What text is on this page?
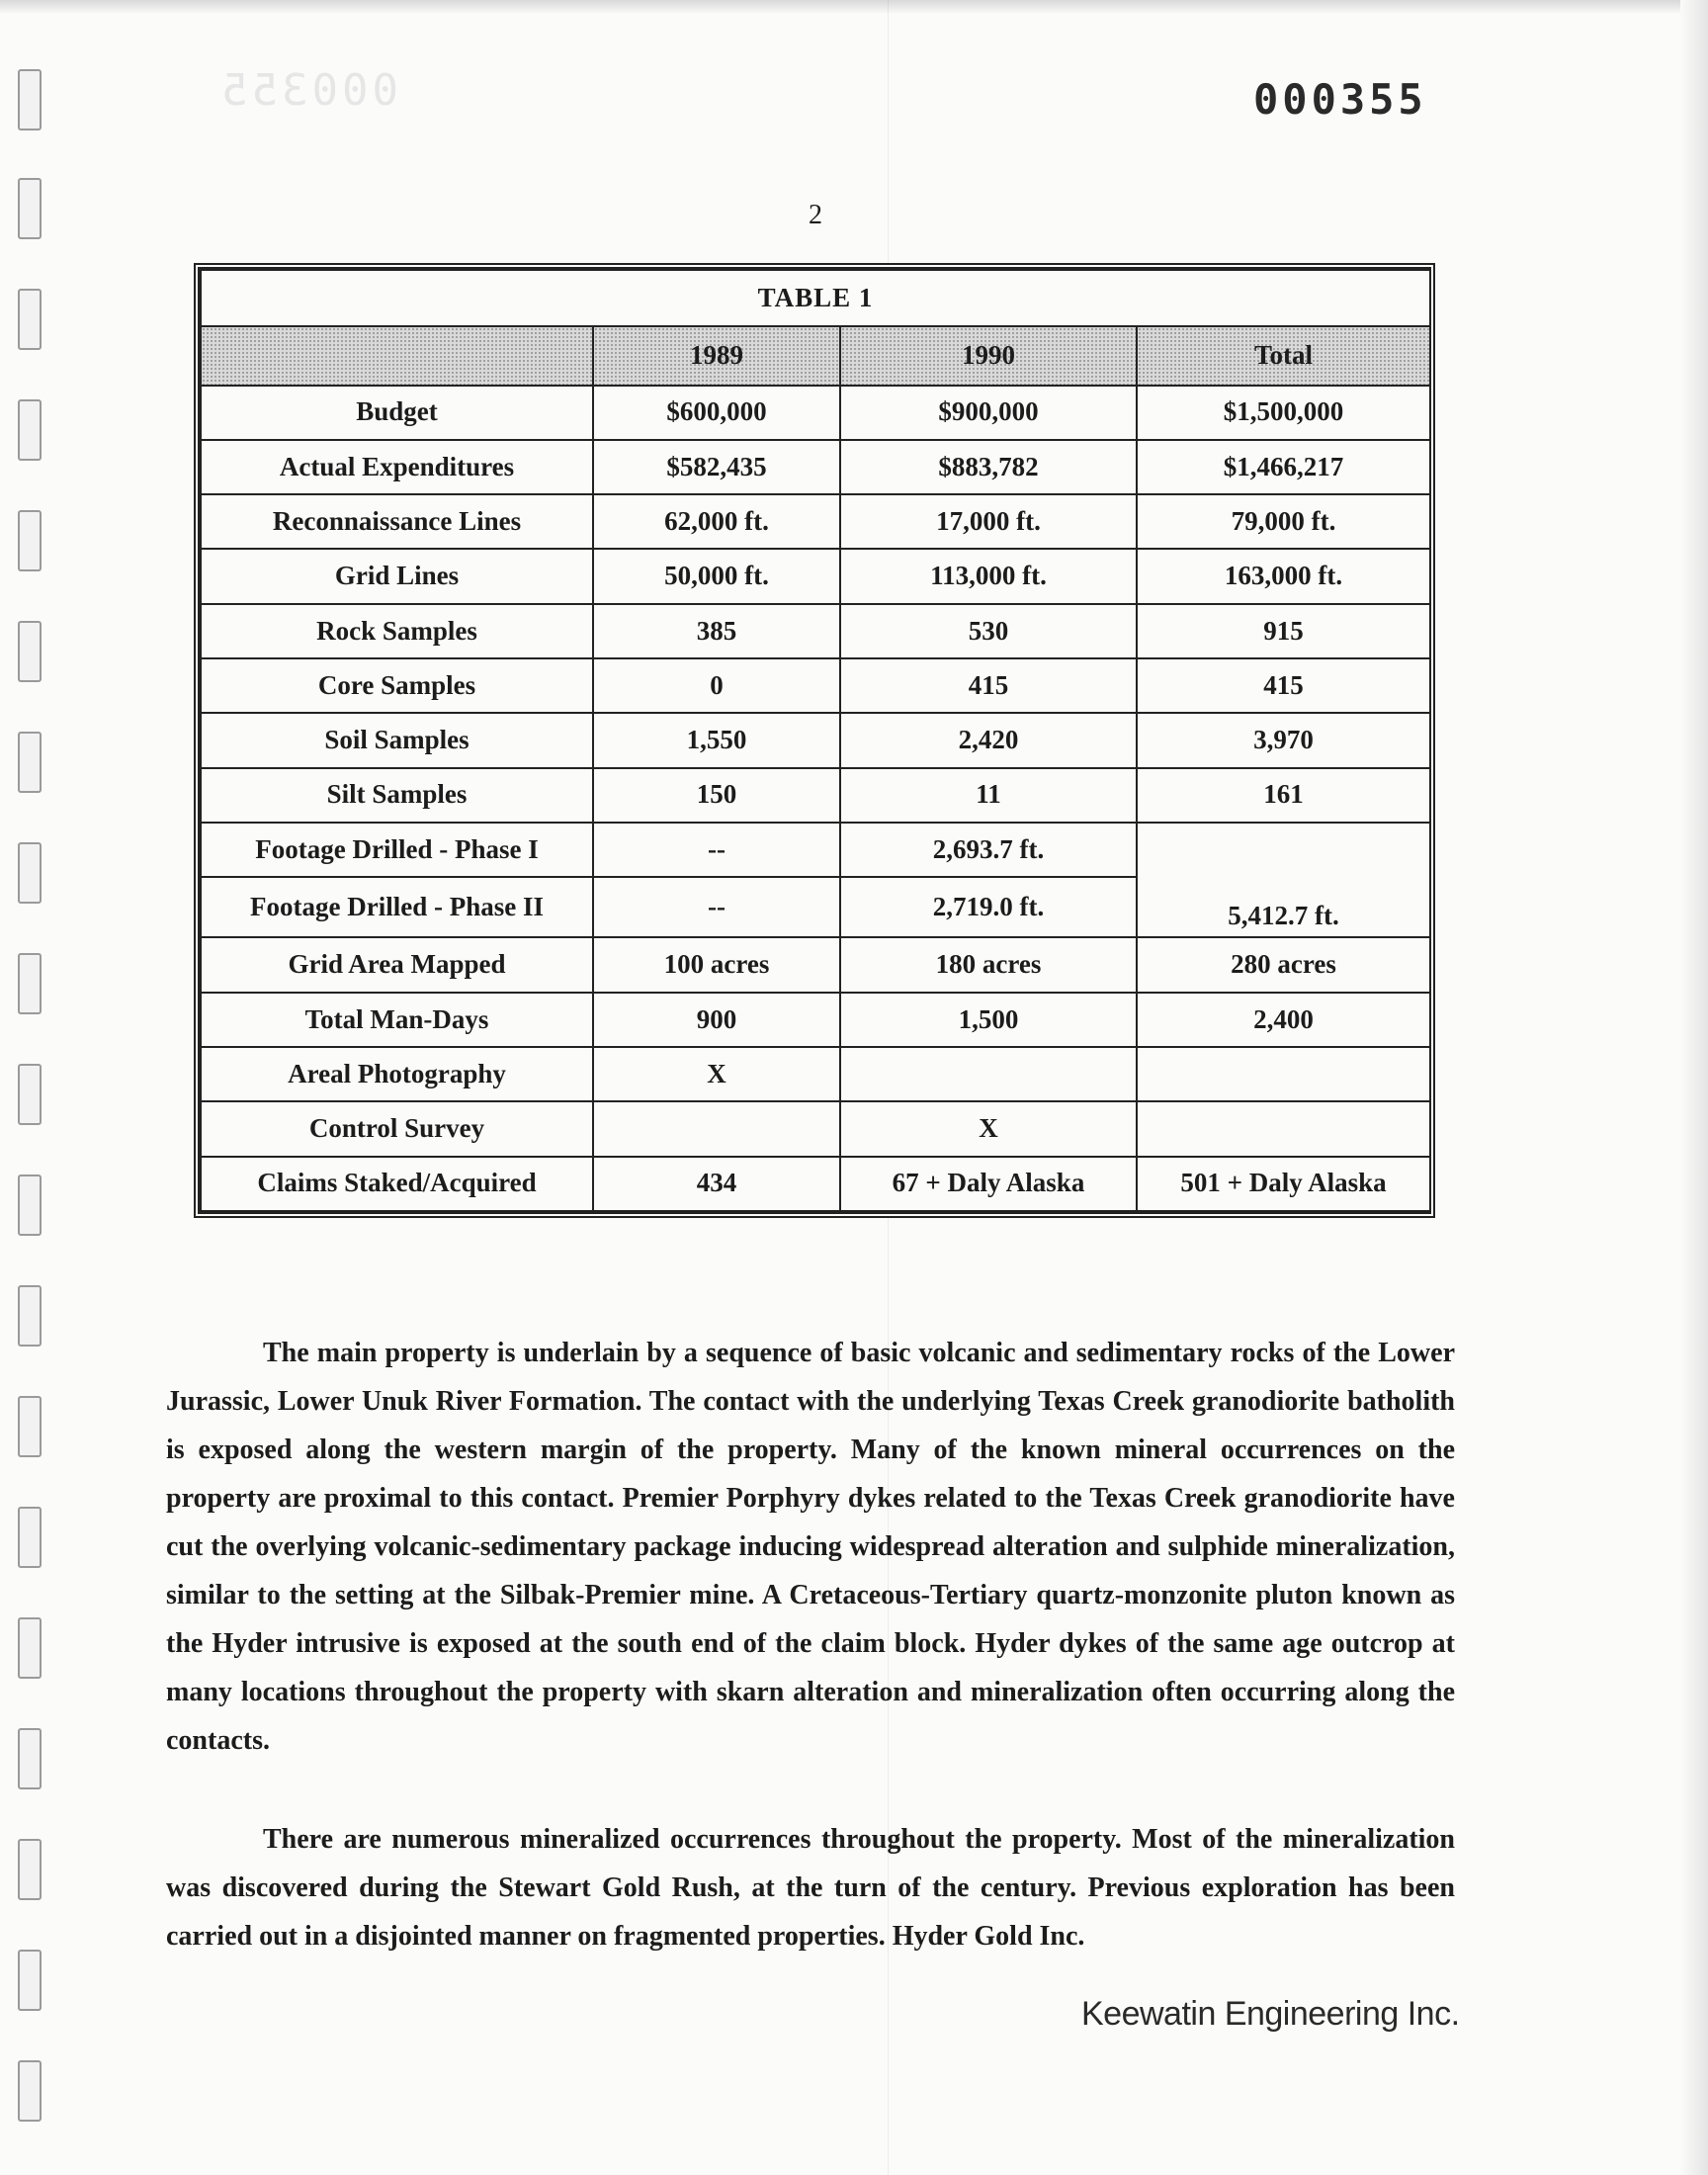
000355	000355
2
TABLE 1			
	1989	1990	Total
Budget	$600,000	$900,000	$1,500,000
Actual Expenditures	$582,435	$883,782	$1,466,217
Reconnaissance Lines	62,000 ft.	17,000 ft.	79,000 ft.
Grid Lines	50,000 ft.	113,000 ft.	163,000 ft.
Rock Samples	385	530	915
Core Samples	0	415	415
Soil Samples	1,550	2,420	3,970
Silt Samples	150	11	161
Footage Drilled - Phase I	--	2,693.7 ft.	5,412.7 ft.
Footage Drilled - Phase II	--	2,719.0 ft.	
Grid Area Mapped	100 acres	180 acres	280 acres
Total Man-Days	900	1,500	2,400
Areal Photography	X		
Control Survey		X	
Claims Staked/Acquired	434	67 + Daly Alaska	501 + Daly Alaska

The main property is underlain by a sequence of basic volcanic and sedimentary rocks of the Lower Jurassic, Lower Unuk River Formation. The contact with the underlying Texas Creek granodiorite batholith is exposed along the western margin of the property. Many of the known mineral occurrences on the property are proximal to this contact. Premier Porphyry dykes related to the Texas Creek granodiorite have cut the overlying volcanic-sedimentary package inducing widespread alteration and sulphide mineralization, similar to the setting at the Silbak-Premier mine. A Cretaceous-Tertiary quartz-monzonite pluton known as the Hyder intrusive is exposed at the south end of the claim block. Hyder dykes of the same age outcrop at many locations throughout the property with skarn alteration and mineralization often occurring along the contacts.

There are numerous mineralized occurrences throughout the property. Most of the mineralization was discovered during the Stewart Gold Rush, at the turn of the century. Previous exploration has been carried out in a disjointed manner on fragmented properties. Hyder Gold Inc.

Keewatin Engineering Inc.
